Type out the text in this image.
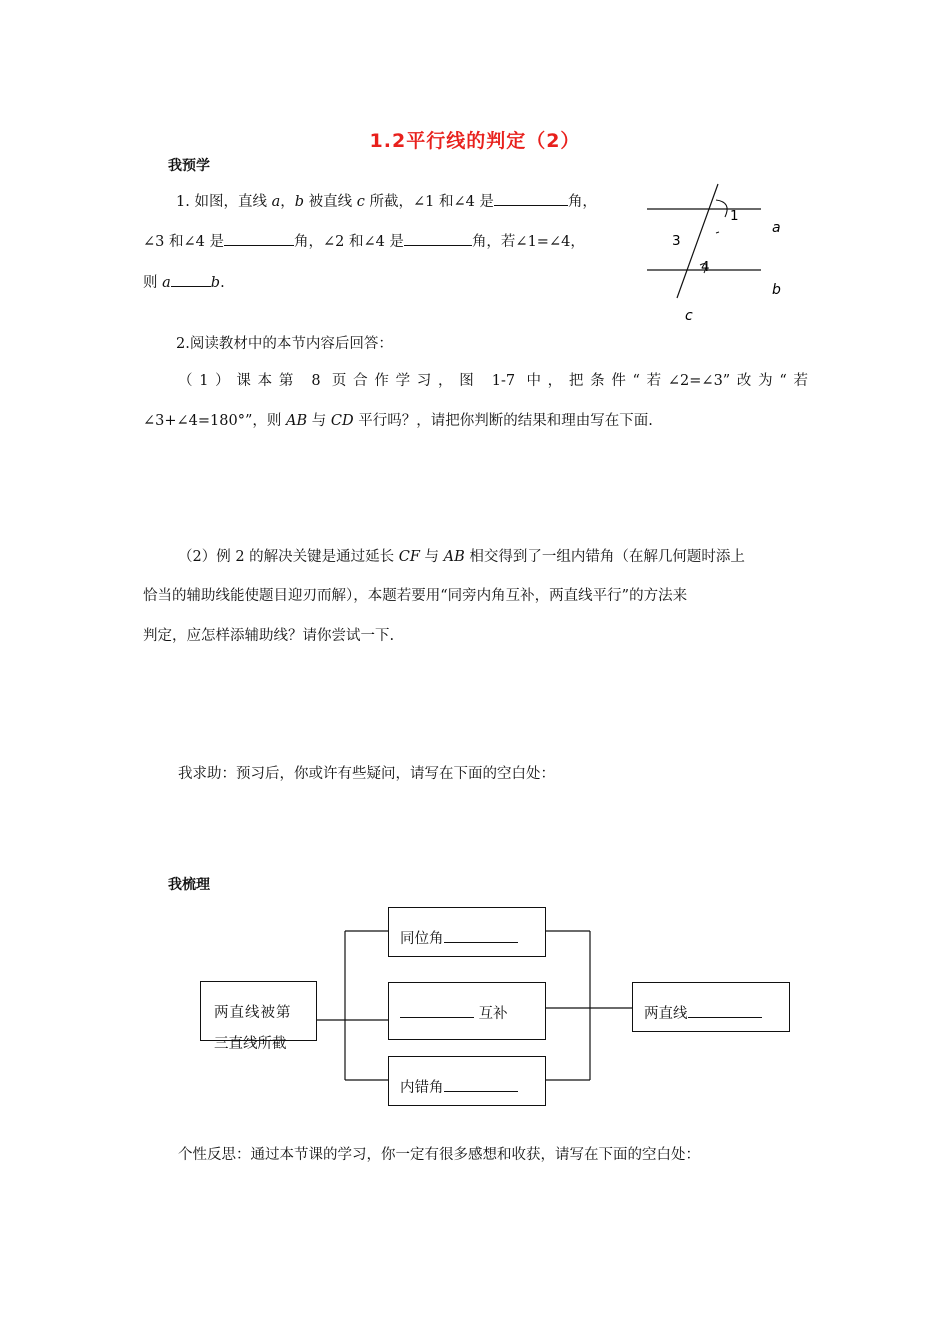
1.2平行线的判定（2）
我预学
1. 如图，直线 a，b 被直线 c 所截，∠1 和∠4 是	角，
∠3 和∠4 是	角，∠2 和∠4 是	角，若∠1=∠4，
则 a	b.
1
3
4
a
b
c
2.阅读教材中的本节内容后回答：
（1）课本第 8 页合作学习，图 1-7 中，把条件“若∠2=∠3”改为“若
∠3+∠4=180°”，则 AB 与 CD 平行吗？，请把你判断的结果和理由写在下面.
（2）例 2 的解决关键是通过延长 CF 与 AB 相交得到了一组内错角（在解几何题时添上
恰当的辅助线能使题目迎刃而解），本题若要用“同旁内角互补，两直线平行”的方法来
判定，应怎样添辅助线？请你尝试一下.
我求助：预习后，你或许有些疑问，请写在下面的空白处：
我梳理
两直线被第
三直线所截
同位角
互补
内错角
两直线
个性反思：通过本节课的学习，你一定有很多感想和收获，请写在下面的空白处：
